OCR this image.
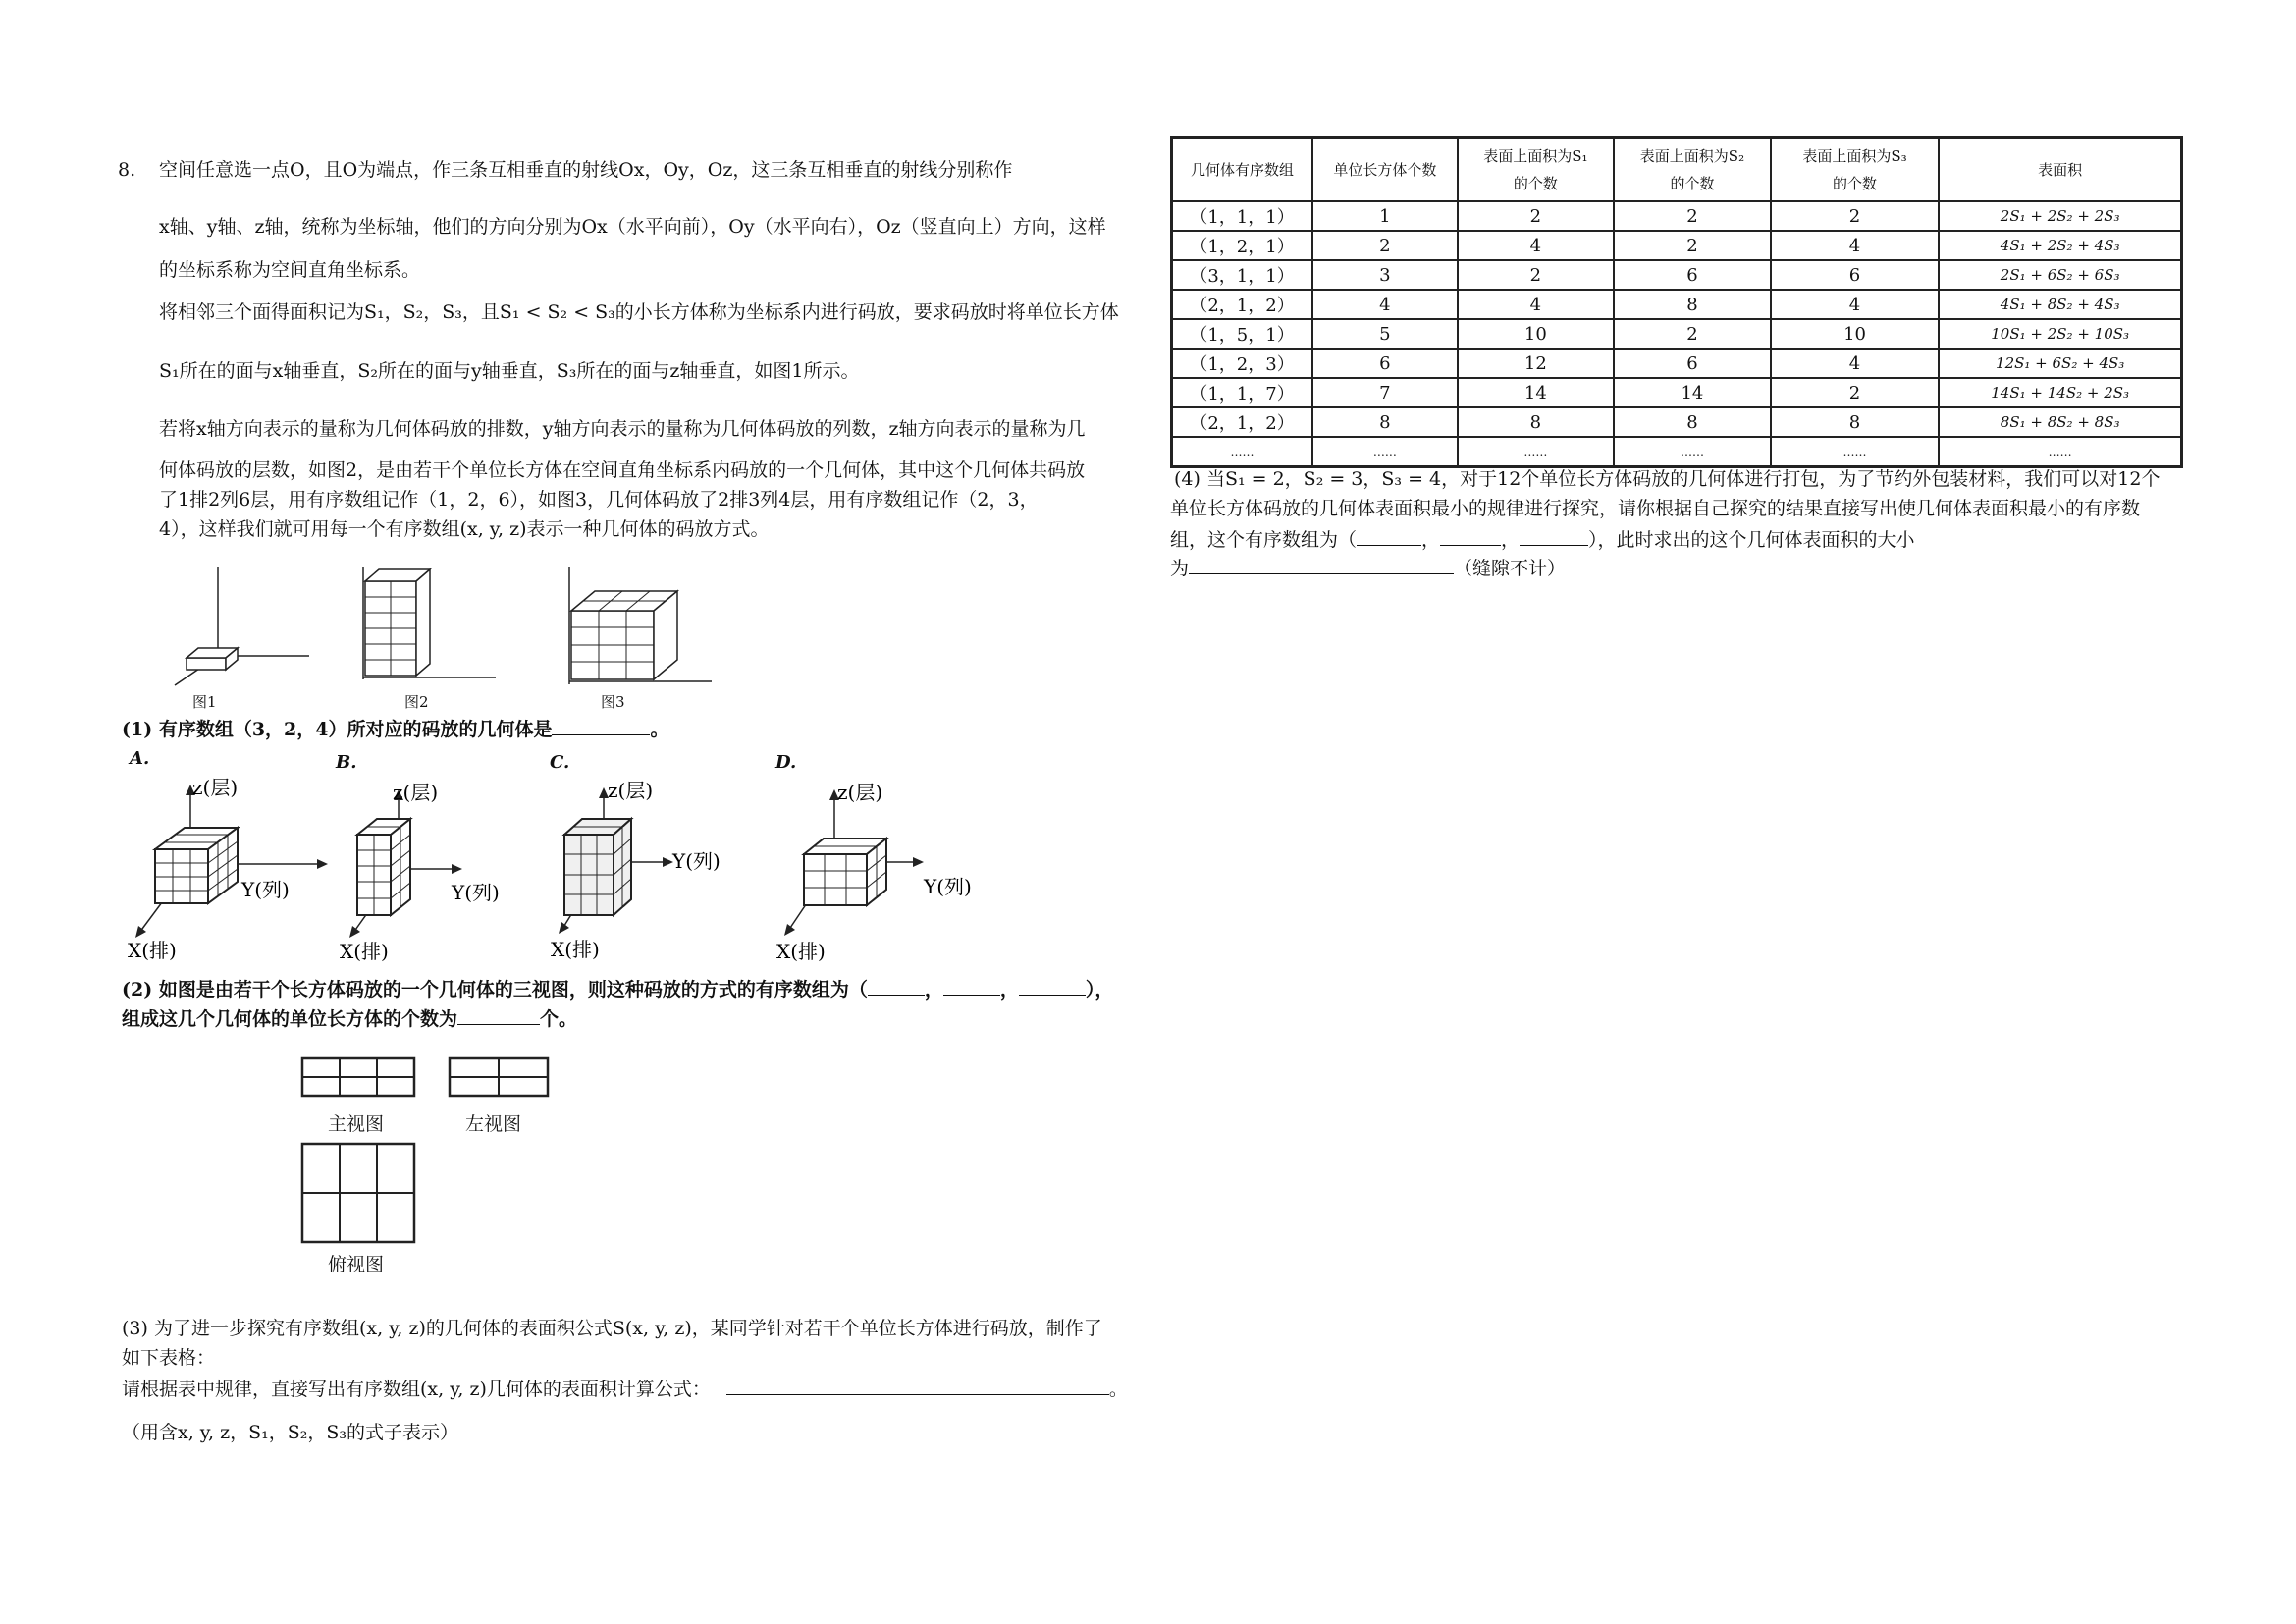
8. 空间任意选一点O，且O为端点，作三条互相垂直的射线Ox，Oy，Oz，这三条互相垂直的射线分别称作
x轴、y轴、z轴，统称为坐标轴，他们的方向分别为Ox（水平向前），Oy（水平向右），Oz（竖直向上）方向，这样
的坐标系称为空间直角坐标系。
将相邻三个面得面积记为S₁，S₂，S₃，且S₁ < S₂ < S₃的小长方体称为坐标系内进行码放，要求码放时将单位长方体
S₁所在的面与x轴垂直，S₂所在的面与y轴垂直，S₃所在的面与z轴垂直，如图1所示。
若将x轴方向表示的量称为几何体码放的排数，y轴方向表示的量称为几何体码放的列数，z轴方向表示的量称为几
何体码放的层数，如图2，是由若干个单位长方体在空间直角坐标系内码放的一个几何体，其中这个几何体共码放
了1排2列6层，用有序数组记作（1，2，6），如图3，几何体码放了2排3列4层，用有序数组记作（2，3，
4），这样我们就可用每一个有序数组(x, y, z)表示一种几何体的码放方式。
图1	图2	图3
(1) 有序数组（3，2，4）所对应的码放的几何体是	。
A.	B.	C.	D.
z(层)
Y(列)
X(排)
z(层)
Y(列)
X(排)
z(层)
Y(列)
X(排)
z(层)
Y(列)
X(排)
(2) 如图是由若干个长方体码放的一个几何体的三视图，则这种码放的方式的有序数组为（	，	，	），
组成这几个几何体的单位长方体的个数为	个。
主视图	左视图
俯视图
(3) 为了进一步探究有序数组(x, y, z)的几何体的表面积公式S(x, y, z)，某同学针对若干个单位长方体进行码放，制作了
如下表格：
请根据表中规律，直接写出有序数组(x, y, z)几何体的表面积计算公式：	。
（用含x, y, z，S₁，S₂，S₃的式子表示）
几何体有序数组	单位长方体个数	表面上面积为S₁的个数	表面上面积为S₂的个数	表面上面积为S₃的个数	表面积
（1，1，1）	1	2	2	2	2S₁ + 2S₂ + 2S₃
（1，2，1）	2	4	2	4	4S₁ + 2S₂ + 4S₃
（3，1，1）	3	2	6	6	2S₁ + 6S₂ + 6S₃
（2，1，2）	4	4	8	4	4S₁ + 8S₂ + 4S₃
（1，5，1）	5	10	2	10	10S₁ + 2S₂ + 10S₃
（1，2，3）	6	12	6	4	12S₁ + 6S₂ + 4S₃
（1，1，7）	7	14	14	2	14S₁ + 14S₂ + 2S₃
（2，1，2）	8	8	8	8	8S₁ + 8S₂ + 8S₃
……	……	……	……	……	……
(4) 当S₁ = 2，S₂ = 3，S₃ = 4，对于12个单位长方体码放的几何体进行打包，为了节约外包装材料，我们可以对12个
单位长方体码放的几何体表面积最小的规律进行探究，请你根据自己探究的结果直接写出使几何体表面积最小的有序数
组，这个有序数组为（	，	，	），此时求出的这个几何体表面积的大小
为	（缝隙不计）
